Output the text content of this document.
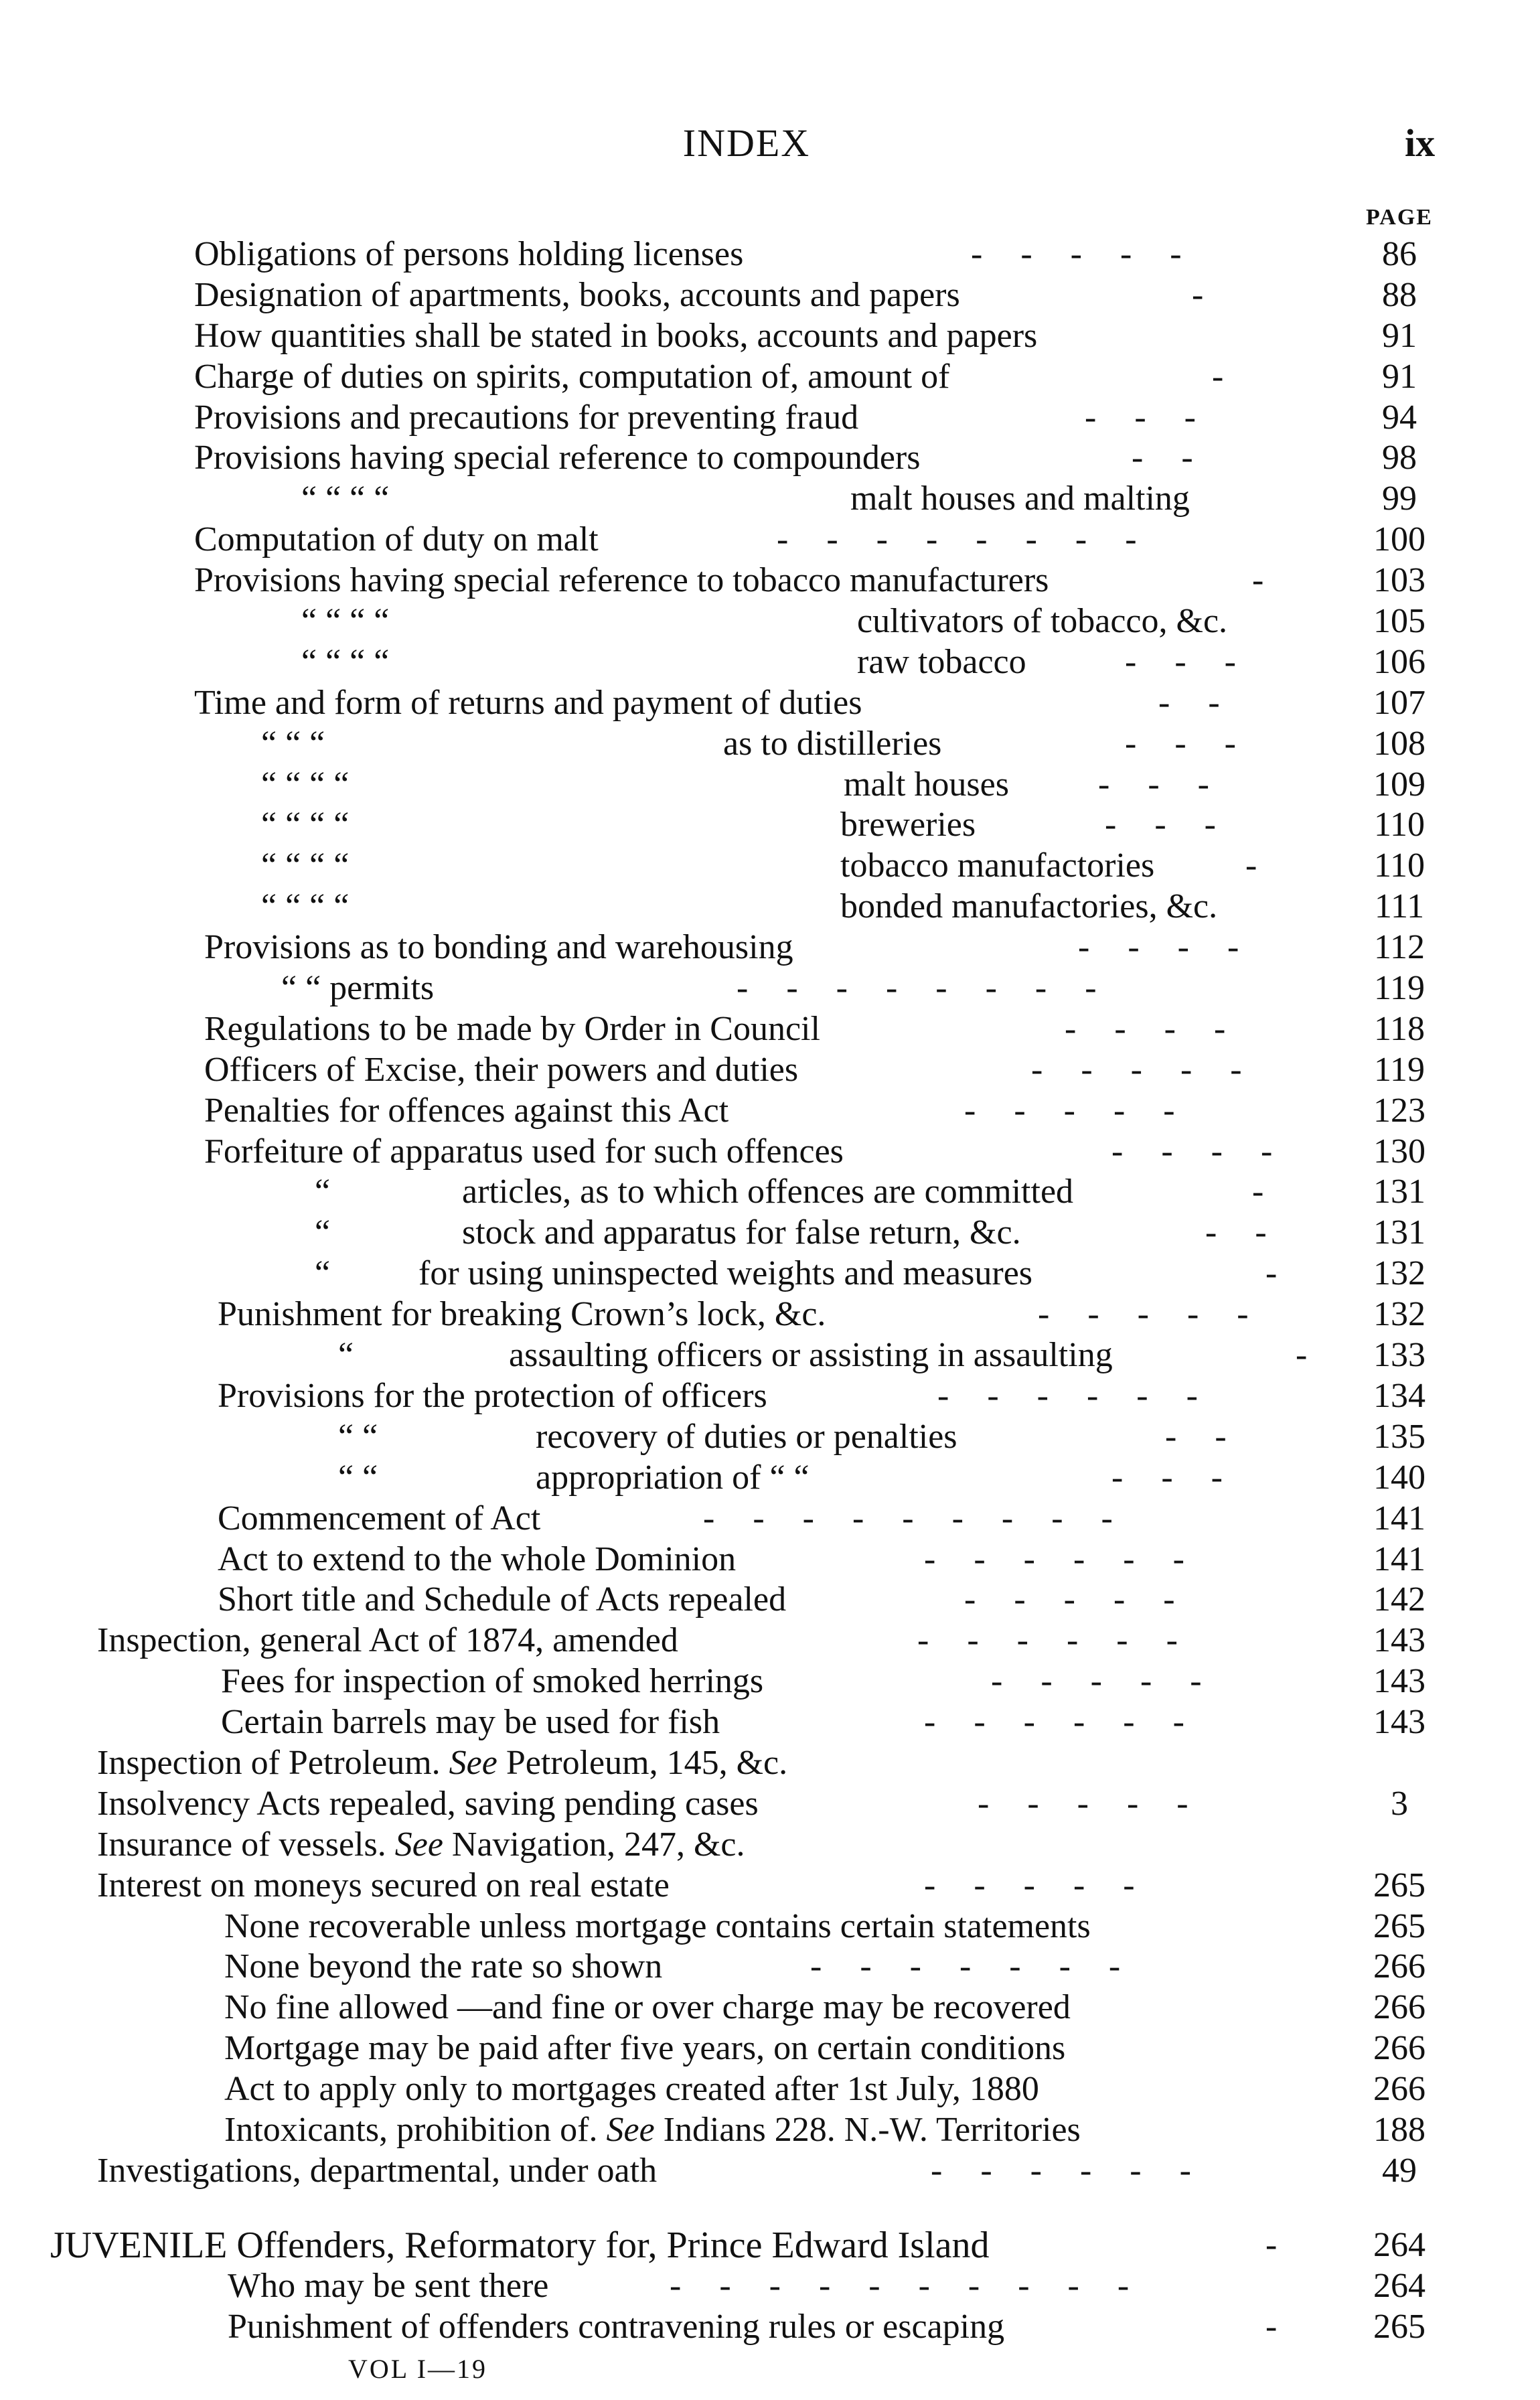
INDEX	ix
PAGE
Obligations of persons holding licenses	- - - - -	86
Designation of apartments, books, accounts and papers	-	88
How quantities shall be stated in books, accounts and papers	91
Charge of duties on spirits, computation of, amount of	-	91
Provisions and precautions for preventing fraud	- - -	94
Provisions having special reference to compounders	- -	98
“ “ “ “	malt houses and malting	99
Computation of duty on malt	- - - - - - - -	100
Provisions having special reference to tobacco manufacturers	-	103
“ “ “ “	cultivators of tobacco, &c.	105
“ “ “ “	raw tobacco	- - -	106
Time and form of returns and payment of duties	- -	107
“ “ “	as to distilleries	- - -	108
“ “ “ “	malt houses	- - -	109
“ “ “ “	breweries	- - -	110
“ “ “ “	tobacco manufactories	-	110
“ “ “ “	bonded manufactories, &c.	111
Provisions as to bonding and warehousing	- - - -	112
“ “ permits	- - - - - - - -	119
Regulations to be made by Order in Council	- - - -	118
Officers of Excise, their powers and duties	- - - - -	119
Penalties for offences against this Act	- - - - -	123
Forfeiture of apparatus used for such offences	- - - -	130
“	articles, as to which offences are committed	-	131
“	stock and apparatus for false return, &c.	- -	131
“	for using uninspected weights and measures	-	132
Punishment for breaking Crown’s lock, &c.	- - - - -	132
“	assaulting officers or assisting in assaulting	-	133
Provisions for the protection of officers	- - - - - -	134
“ “	recovery of duties or penalties	- -	135
“ “	appropriation of “ “	- - -	140
Commencement of Act	- - - - - - - - -	141
Act to extend to the whole Dominion	- - - - - -	141
Short title and Schedule of Acts repealed	- - - - -	142
Inspection, general Act of 1874, amended	- - - - - -	143
Fees for inspection of smoked herrings	- - - - -	143
Certain barrels may be used for fish	- - - - - -	143
Inspection of Petroleum. See Petroleum, 145, &c.
Insolvency Acts repealed, saving pending cases	- - - - -	3
Insurance of vessels. See Navigation, 247, &c.
Interest on moneys secured on real estate	- - - - -	265
None recoverable unless mortgage contains certain statements	265
None beyond the rate so shown	- - - - - - -	266
No fine allowed —and fine or over charge may be recovered	266
Mortgage may be paid after five years, on certain conditions	266
Act to apply only to mortgages created after 1st July, 1880	266
Intoxicants, prohibition of. See Indians 228. N.-W. Territories	188
Investigations, departmental, under oath	- - - - - -	49
JUVENILE Offenders, Reformatory for, Prince Edward Island	-	264
Who may be sent there	- - - - - - - - - -	264
Punishment of offenders contravening rules or escaping	-	265
VOL I—19
